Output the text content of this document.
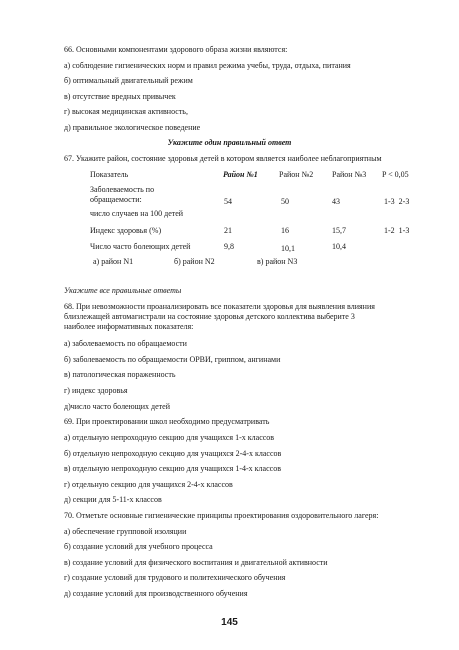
66. Основными компонентами здорового образа жизни являются:
а) соблюдение гигиенических норм и правил режима учебы, труда, отдыха, питания
б) оптимальный двигательный режим
в) отсутствие вредных привычек
г) высокая медицинская активность,
д) правильное экологическое поведение
Укажите один правильный ответ
67. Укажите район, состояние здоровья детей в котором является наиболее неблагоприятным
Показатель	Район №1	Район №2 Район №3 P < 0,05
Заболеваемость по
обращаемости:
число случаев на 100 детей
54	50	43	1-3  2-3
Индекс здоровья (%)	21	16	15,7	1-2  1-3
Число часто болеющих детей	9,8	10,1	10,4
а) район N1	б) район N2	в) район N3
Укажите все правильные ответы
68. При невозможности проанализировать все показатели здоровья для выявления влияния
близлежащей автомагистрали на состояние здоровья детского коллектива выберите 3
наиболее информативных показателя:
а) заболеваемость по обращаемости
б) заболеваемость по обращаемости ОРВИ, гриппом, ангинами
в) патологическая пораженность
г) индекс здоровья
д)число часто болеющих детей
69. При проектировании школ необходимо предусматривать
а) отдельную непроходную секцию для учащихся 1-х классов
б) отдельную непроходную секцию для учащихся 2-4-х классов
в) отдельную непроходную секцию для учащихся 1-4-х классов
г) отдельную секцию для учащихся 2-4-х классов
д) секции для 5-11-х классов
70. Отметьте основные гигиенические принципы проектирования оздоровительного лагеря:
а) обеспечение групповой изоляции
б) создание условий для учебного процесса
в) создание условий для физического воспитания и двигательной активности
г) создание условий для трудового и политехнического обучения
д) создание условий для производственного обучения
145
